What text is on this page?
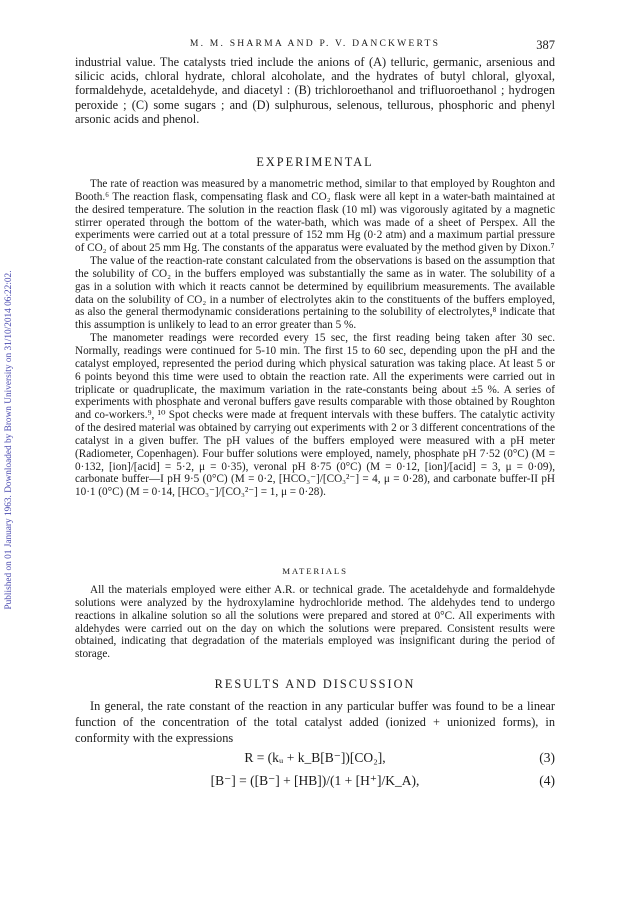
M. M. SHARMA AND P. V. DANCKWERTS	387
Published on 01 January 1963. Downloaded by Brown University on 31/10/2014 06:22:02.

industrial value. The catalysts tried include the anions of (A) telluric, germanic, arsenious and silicic acids, chloral hydrate, chloral alcoholate, and the hydrates of butyl chloral, glyoxal, formaldehyde, acetaldehyde, and diacetyl : (B) trichloroethanol and trifluoroethanol ; hydrogen peroxide ; (C) some sugars ; and (D) sulphurous, selenous, tellurous, phosphoric and phenyl arsonic acids and phenol.

EXPERIMENTAL

The rate of reaction was measured by a manometric method, similar to that employed by Roughton and Booth.⁶ The reaction flask, compensating flask and CO₂ flask were all kept in a water-bath maintained at the desired temperature. The solution in the reaction flask (10 ml) was vigorously agitated by a magnetic stirrer operated through the bottom of the water-bath, which was made of a sheet of Perspex. All the experiments were carried out at a total pressure of 152 mm Hg (0·2 atm) and a maximum partial pressure of CO₂ of about 25 mm Hg. The constants of the apparatus were evaluated by the method given by Dixon.⁷

The value of the reaction-rate constant calculated from the observations is based on the assumption that the solubility of CO₂ in the buffers employed was substantially the same as in water. The solubility of a gas in a solution with which it reacts cannot be determined by equilibrium measurements. The available data on the solubility of CO₂ in a number of electrolytes akin to the constituents of the buffers employed, as also the general thermodynamic considerations pertaining to the solubility of electrolytes,⁸ indicate that this assumption is unlikely to lead to an error greater than 5 %.

The manometer readings were recorded every 15 sec, the first reading being taken after 30 sec. Normally, readings were continued for 5-10 min. The first 15 to 60 sec, depending upon the pH and the catalyst employed, represented the period during which physical saturation was taking place. At least 5 or 6 points beyond this time were used to obtain the reaction rate. All the experiments were carried out in triplicate or quadruplicate, the maximum variation in the rate-constants being about ±5 %. A series of experiments with phosphate and veronal buffers gave results comparable with those obtained by Roughton and co-workers.⁹, ¹⁰ Spot checks were made at frequent intervals with these buffers. The catalytic activity of the desired material was obtained by carrying out experiments with 2 or 3 different concentrations of the catalyst in a given buffer. The pH values of the buffers employed were measured with a pH meter (Radiometer, Copenhagen). Four buffer solutions were employed, namely, phosphate pH 7·52 (0°C) (M = 0·132, [ion]/[acid] = 5·2, μ = 0·35), veronal pH 8·75 (0°C) (M = 0·12, [ion]/[acid] = 3, μ = 0·09), carbonate buffer—I pH 9·5 (0°C) (M = 0·2, [HCO₃⁻]/[CO₃²⁻] = 4, μ = 0·28), and carbonate buffer-II pH 10·1 (0°C) (M = 0·14, [HCO₃⁻]/[CO₃²⁻] = 1, μ = 0·28).

MATERIALS

All the materials employed were either A.R. or technical grade. The acetaldehyde and formaldehyde solutions were analyzed by the hydroxylamine hydrochloride method. The aldehydes tend to undergo reactions in alkaline solution so all the solutions were prepared and stored at 0°C. All experiments with aldehydes were carried out on the day on which the solutions were prepared. Consistent results were obtained, indicating that degradation of the materials employed was insignificant during the period of storage.

RESULTS AND DISCUSSION

In general, the rate constant of the reaction in any particular buffer was found to be a linear function of the concentration of the total catalyst added (ionized + unionized forms), in conformity with the expressions

R = (kᵤ + k_B[B⁻])[CO₂],	(3)
[B⁻] = ([B⁻] + [HB])/(1 + [H⁺]/K_A),	(4)
